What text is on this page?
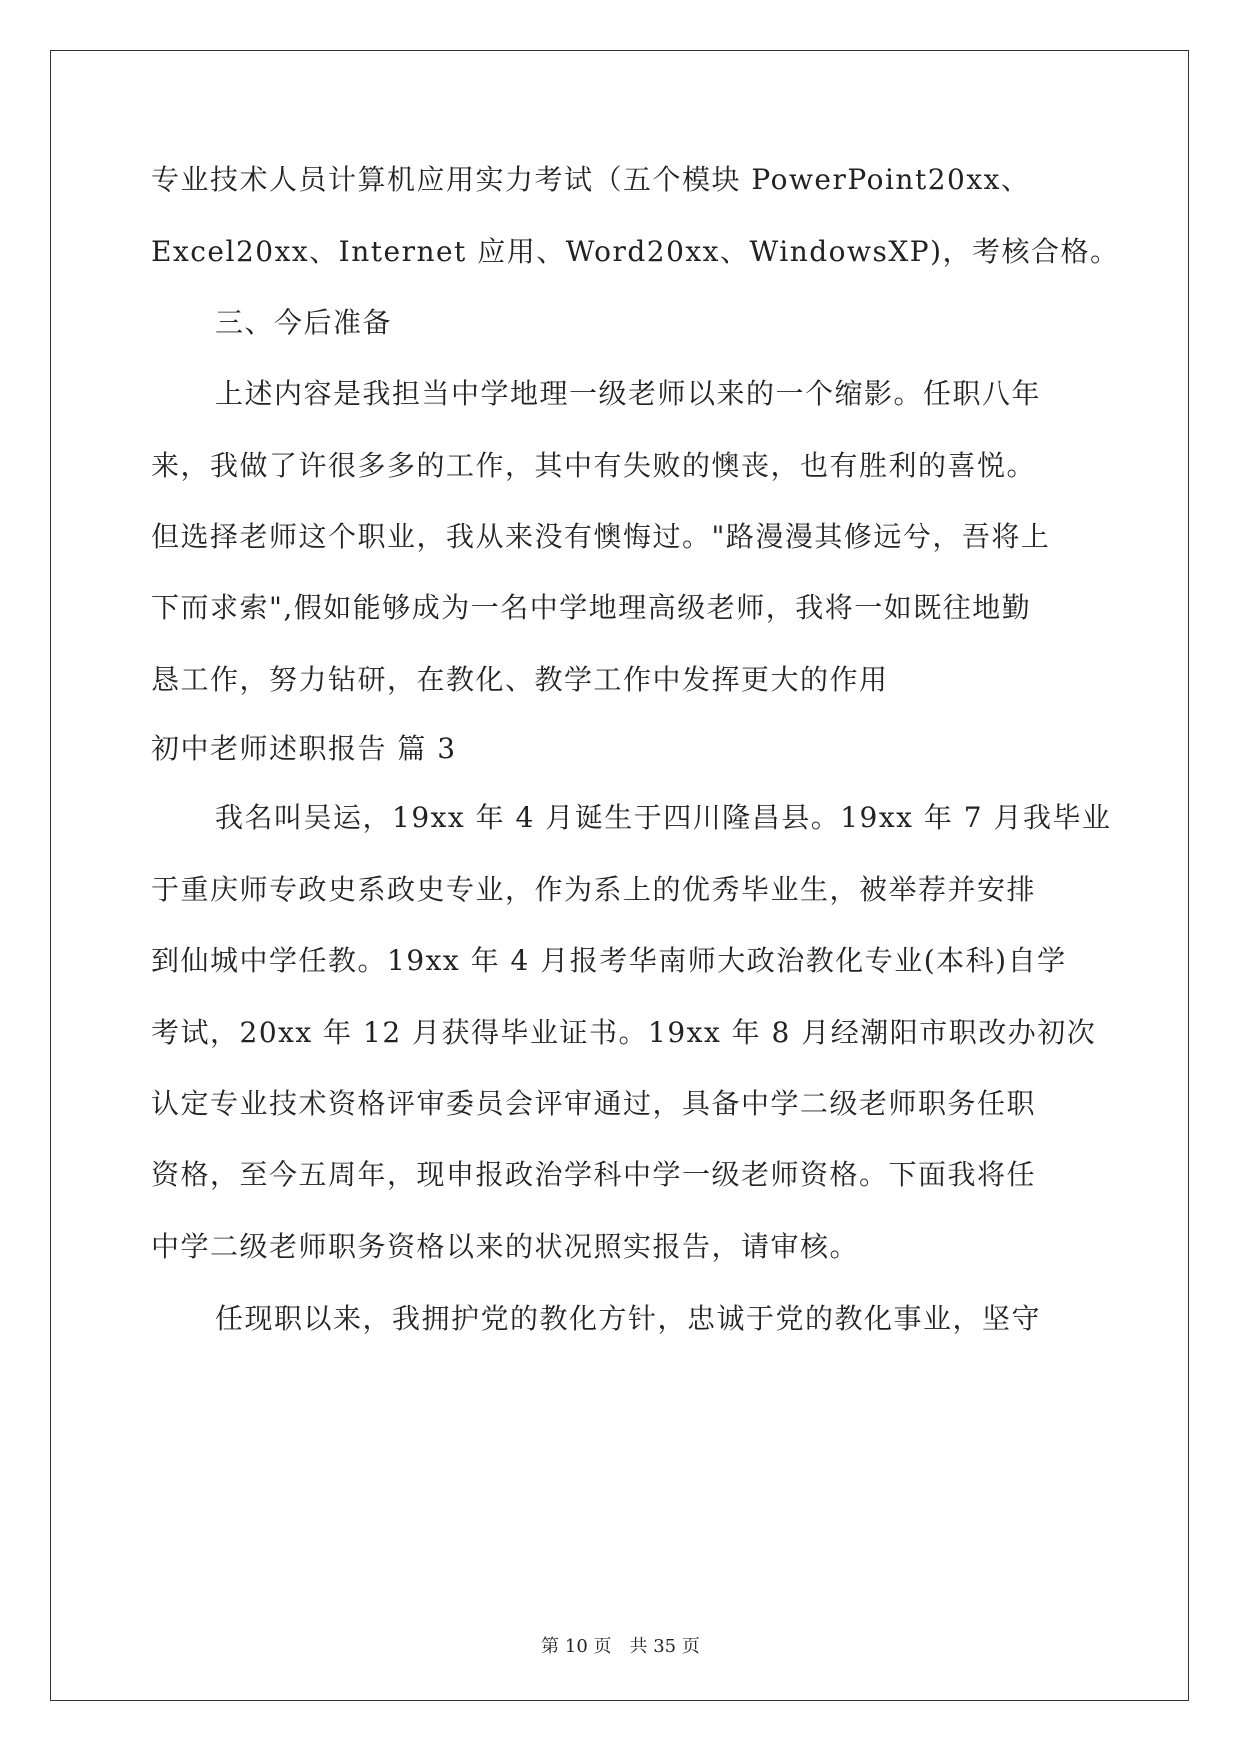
专业技术人员计算机应用实力考试（五个模块 PowerPoint20xx、
Excel20xx、Internet 应用、Word20xx、WindowsXP)，考核合格。
三、今后准备
上述内容是我担当中学地理一级老师以来的一个缩影。任职八年
来，我做了许很多多的工作，其中有失败的懊丧，也有胜利的喜悦。
但选择老师这个职业，我从来没有懊悔过。"路漫漫其修远兮，吾将上
下而求索",假如能够成为一名中学地理高级老师，我将一如既往地勤
恳工作，努力钻研，在教化、教学工作中发挥更大的作用
初中老师述职报告 篇 3
我名叫吴运，19xx 年 4 月诞生于四川隆昌县。19xx 年 7 月我毕业
于重庆师专政史系政史专业，作为系上的优秀毕业生，被举荐并安排
到仙城中学任教。19xx 年 4 月报考华南师大政治教化专业(本科)自学
考试，20xx 年 12 月获得毕业证书。19xx 年 8 月经潮阳市职改办初次
认定专业技术资格评审委员会评审通过，具备中学二级老师职务任职
资格，至今五周年，现申报政治学科中学一级老师资格。下面我将任
中学二级老师职务资格以来的状况照实报告，请审核。
任现职以来，我拥护党的教化方针，忠诚于党的教化事业，坚守
第 10 页 共 35 页
